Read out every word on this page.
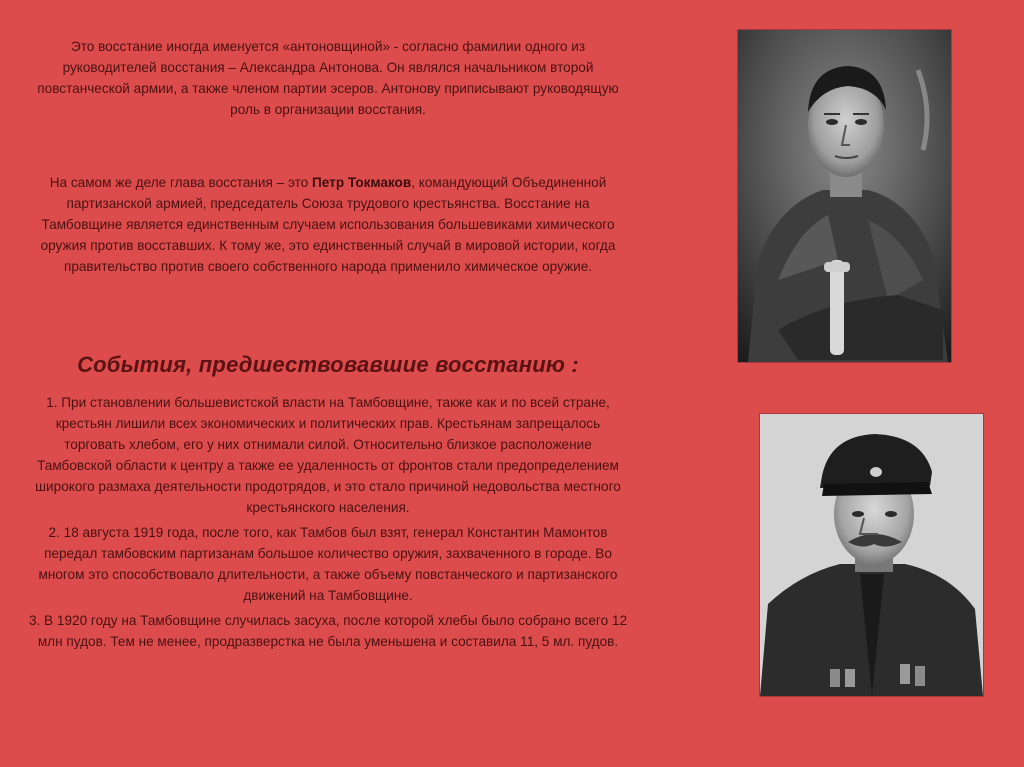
Это восстание иногда именуется «антоновщиной» - согласно фамилии одного из руководителей восстания – Александра Антонова. Он являлся начальником второй повстанческой армии, а также членом партии эсеров. Антонову приписывают руководящую роль в организации восстания.
На самом же деле глава восстания – это Петр Токмаков, командующий Объединенной партизанской армией, председатель Союза трудового крестьянства. Восстание на Тамбовщине является единственным случаем использования большевиками химического оружия против восставших. К тому же, это единственный случай в мировой истории, когда правительство против своего собственного народа применило химическое оружие.
События, предшествовавшие восстанию :

1. При становлении большевистской власти на Тамбовщине, также как и по всей стране, крестьян лишили всех экономических и политических прав. Крестьянам запрещалось торговать хлебом, его у них отнимали силой. Относительно близкое расположение Тамбовской области к центру а также ее удаленность от фронтов стали предопределением широкого размаха деятельности продотрядов, и это стало причиной недовольства местного крестьянского населения.

2. 18 августа 1919 года, после того, как Тамбов был взят, генерал Константин Мамонтов передал тамбовским партизанам большое количество оружия, захваченного в городе. Во многом это способствовало длительности, а также объему повстанческого и партизанского движений на Тамбовщине.

3. В 1920 году на Тамбовщине случилась засуха, после которой хлебы было собрано всего 12 млн пудов. Тем не менее, продразверстка не была уменьшена и составила 11, 5 мл. пудов.
